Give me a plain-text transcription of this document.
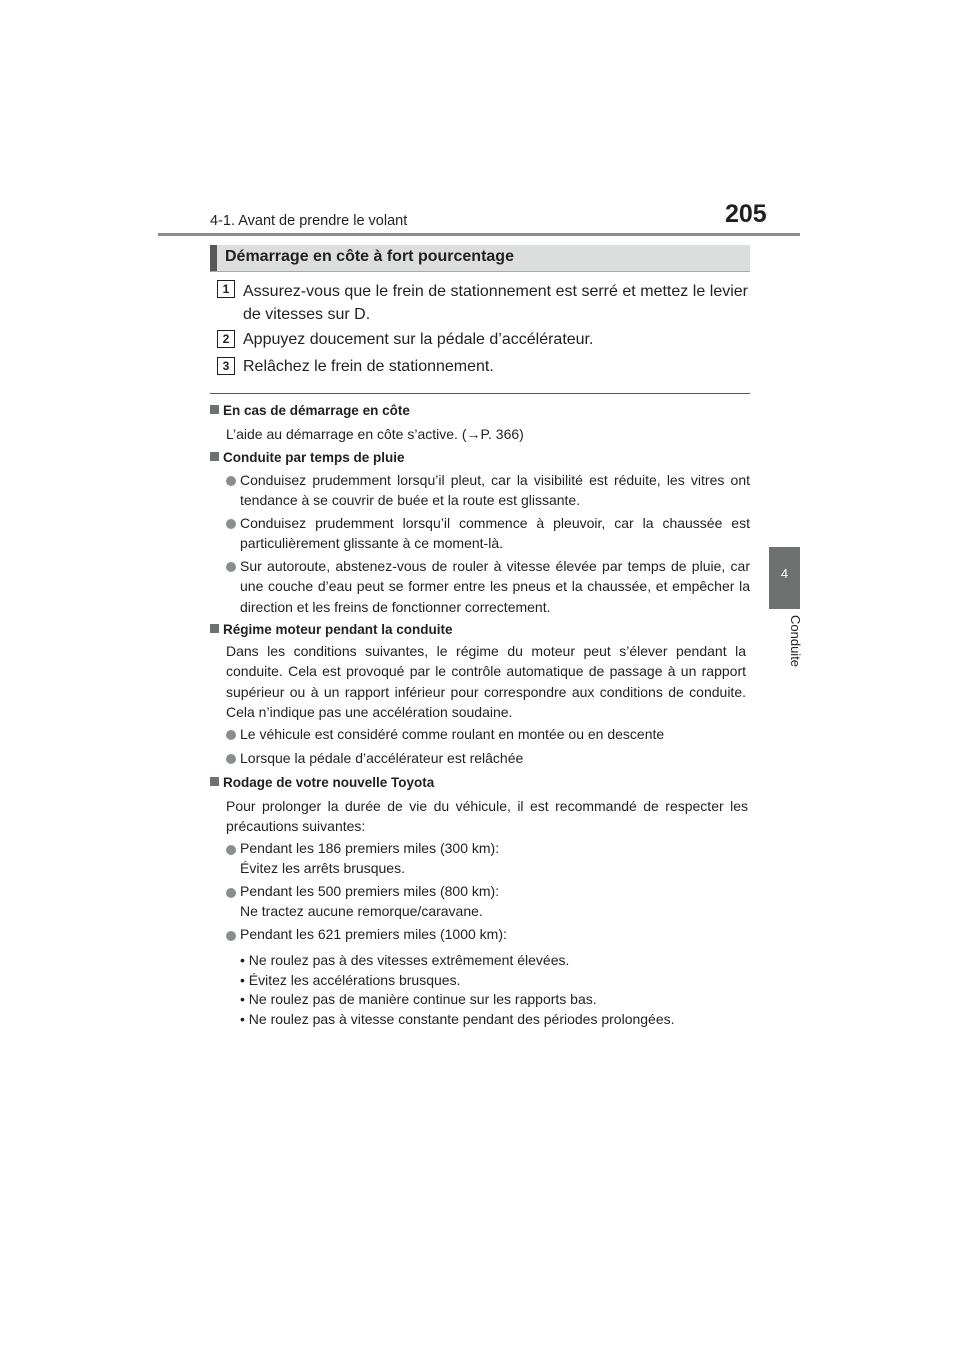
4-1. Avant de prendre le volant	205
4
Conduite
Démarrage en côte à fort pourcentage
1 Assurez-vous que le frein de stationnement est serré et mettez le levier de vitesses sur D.
2 Appuyez doucement sur la pédale d’accélérateur.
3 Relâchez le frein de stationnement.
En cas de démarrage en côte
L’aide au démarrage en côte s’active. (→P. 366)
Conduite par temps de pluie
Conduisez prudemment lorsqu’il pleut, car la visibilité est réduite, les vitres ont tendance à se couvrir de buée et la route est glissante.
Conduisez prudemment lorsqu’il commence à pleuvoir, car la chaussée est particulièrement glissante à ce moment-là.
Sur autoroute, abstenez-vous de rouler à vitesse élevée par temps de pluie, car une couche d’eau peut se former entre les pneus et la chaussée, et empêcher la direction et les freins de fonctionner correctement.
Régime moteur pendant la conduite
Dans les conditions suivantes, le régime du moteur peut s’élever pendant la conduite. Cela est provoqué par le contrôle automatique de passage à un rapport supérieur ou à un rapport inférieur pour correspondre aux conditions de conduite. Cela n’indique pas une accélération soudaine.
Le véhicule est considéré comme roulant en montée ou en descente
Lorsque la pédale d’accélérateur est relâchée
Rodage de votre nouvelle Toyota
Pour prolonger la durée de vie du véhicule, il est recommandé de respecter les précautions suivantes:
Pendant les 186 premiers miles (300 km):
Évitez les arrêts brusques.
Pendant les 500 premiers miles (800 km):
Ne tractez aucune remorque/caravane.
Pendant les 621 premiers miles (1000 km):
• Ne roulez pas à des vitesses extrêmement élevées.
• Évitez les accélérations brusques.
• Ne roulez pas de manière continue sur les rapports bas.
• Ne roulez pas à vitesse constante pendant des périodes prolongées.
